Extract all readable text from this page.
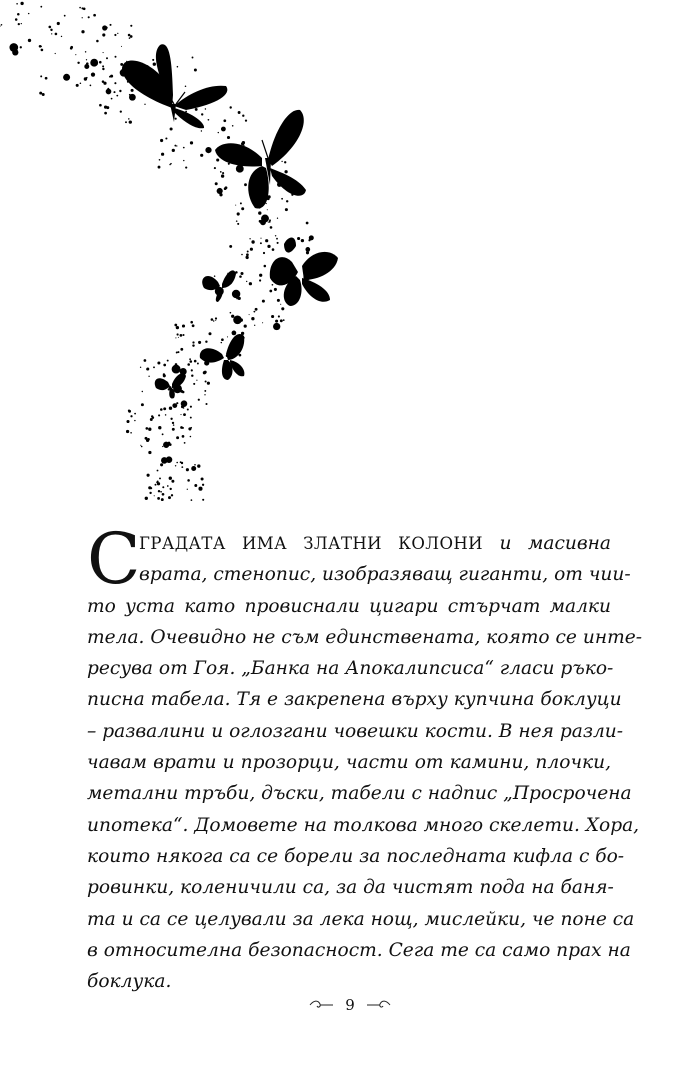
С
ГРАДАТА ИМА ЗЛАТНИ КОЛОНИ и масивна
врата, стенопис, изобразяващ гиганти, от чии-
то уста като провиснали цигари стърчат малки
тела. Очевидно не съм единствената, която се инте-
ресува от Гоя. „Банка на Апокалипсиса“ гласи ръко-
писна табела. Тя е закрепена върху купчина боклуци
– развалини и оглозгани човешки кости. В нея разли-
чавам врати и прозорци, части от камини, плочки,
метални тръби, дъски, табели с надпис „Просрочена
ипотека“. Домовете на толкова много скелети. Хора,
които някога са се борели за последната кифла с бо-
ровинки, коленичили са, за да чистят пода на баня-
та и са се целували за лека нощ, мислейки, че поне са
в относителна безопасност. Сега те са само прах на
боклука.
9
